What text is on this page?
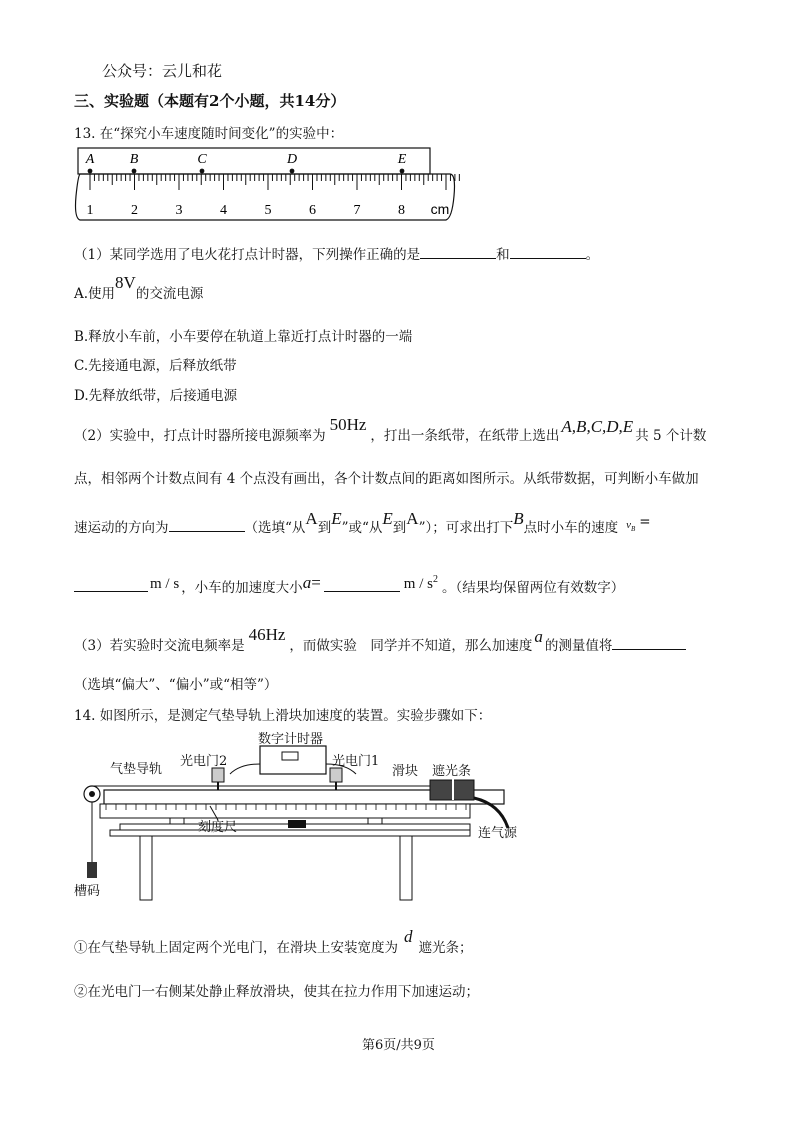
公众号：云儿和花
三、实验题（本题有2个小题，共14分）
13. 在“探究小车速度随时间变化”的实验中：
A	B	C	D	E
1	2	3	4	5	6	7	8 cm
（1）某同学选用了电火花打点计时器，下列操作正确的是	和	。
A.使用8V的交流电源
B.释放小车前，小车要停在轨道上靠近打点计时器的一端
C.先接通电源，后释放纸带
D.先释放纸带，后接通电源
（2）实验中，打点计时器所接电源频率为50Hz，打出一条纸带，在纸带上选出 A,B,C,D,E 共 5 个计数
点，相邻两个计数点间有 4 个点没有画出，各个计数点间的距离如图所示。从纸带数据，可判断小车做加
速运动的方向为	（选填“从A到E”或“从E到A”）；可求出打下B点时小车的速度 $^{v_B}$ =
m / s ，小车的加速度大小a=	m / $s^2$。（结果均保留两位有效数字）
（3）若实验时交流电频率是46Hz，而做实验　同学并不知道，那么加速度 a 的测量值将
（选填“偏大”、“偏小”或“相等”）
14. 如图所示，是测定气垫导轨上滑块加速度的装置。实验步骤如下：
数字计时器
光电门2	光电门1
气垫导轨	滑块 遮光条
刻度尺	连气源
槽码
①在气垫导轨上固定两个光电门，在滑块上安装宽度为d遮光条；
②在光电门一右侧某处静止释放滑块，使其在拉力作用下加速运动；
第6页/共9页
